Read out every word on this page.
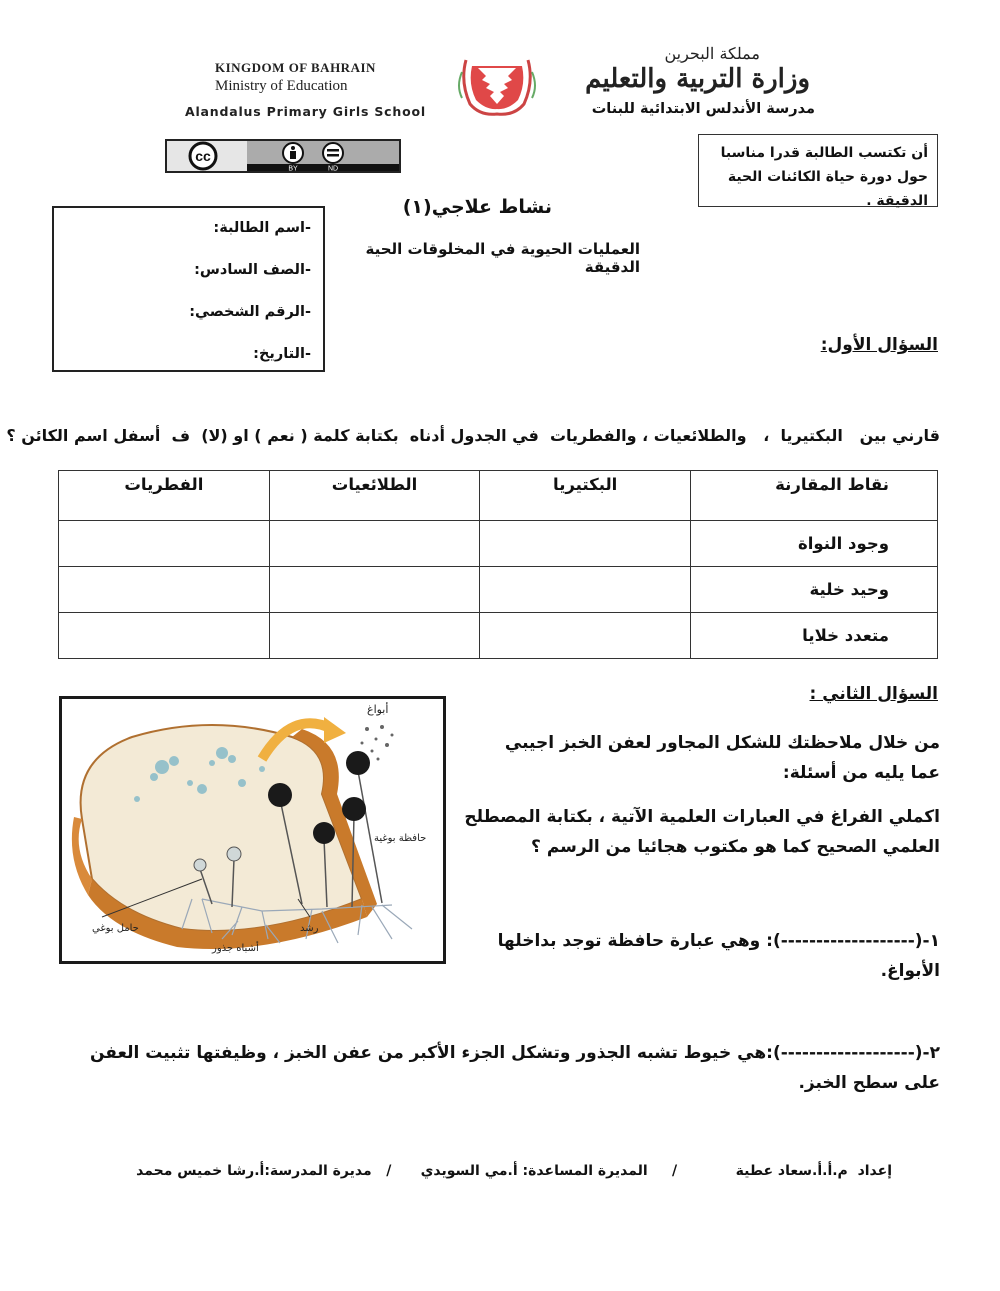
KINGDOM OF BAHRAIN
Ministry of Education
Alandalus Primary Girls School
مملكة البحرين
وزارة التربية والتعليم
مدرسة الأندلس الابتدائية للبنات
cc
BY	ND
أن تكتسب الطالبة قدرا مناسبا حول دورة حياة الكائنات الحية الدقيقة .
نشاط علاجي(١)
العمليات الحيوية في المخلوقات الحية الدقيقة
-اسم الطالبة:
-الصف السادس:
-الرقم الشخصي:
-التاريخ:	السؤال الأول:
قارني بين   البكتيريا  ،   والطلائعيات ، والفطريات  في الجدول أدناه  بكتابة كلمة ( نعم ) او (لا)  ف  أسفل اسم الكائن ؟
نقاط المقارنة	البكتيريا	الطلائعيات	الفطريات
وجود النواة			
وحيد خلية			
متعدد خلايا			
السؤال الثاني :
من خلال ملاحظتك للشكل المجاور لعفن الخبز اجيبي عما يليه من أسئلة:
اكملي الفراغ في العبارات العلمية الآتية ، بكتابة المصطلح العلمي الصحيح كما هو مكتوب هجائيا من الرسم ؟
١-(-------------------): وهي عبارة حافظة توجد بداخلها الأبواغ.
٢-(-------------------):هي خيوط تشبه الجذور وتشكل الجزء الأكبر من عفن الخبز ، وظيفتها تثبيت العفن على سطح الخبز.
أبواغ
حافظة بوغية
حامل بوغي	رشد
أشباه جذور
إعداد  م.أ.أ.سعاد عطية            /     المديرة المساعدة: أ.مي السويدي      /   مديرة المدرسة:أ.رشا خميس محمد
